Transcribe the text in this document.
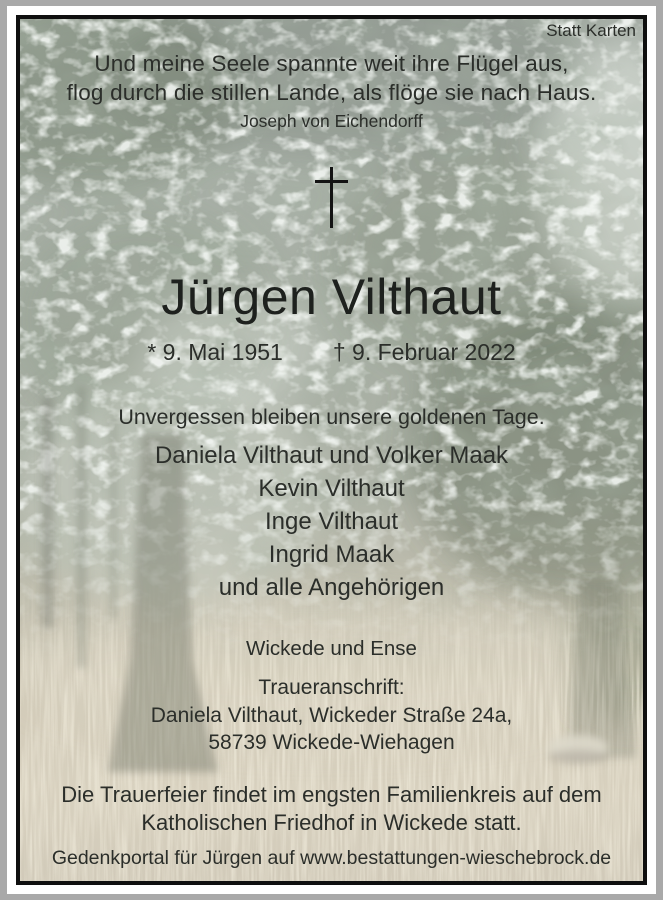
Statt Karten
Und meine Seele spannte weit ihre Flügel aus,
flog durch die stillen Lande, als flöge sie nach Haus.
Joseph von Eichendorff
Jürgen Vilthaut
* 9. Mai 1951 † 9. Februar 2022
Unvergessen bleiben unsere goldenen Tage.
Daniela Vilthaut und Volker Maak
Kevin Vilthaut
Inge Vilthaut
Ingrid Maak
und alle Angehörigen
Wickede und Ense
Traueranschrift:
Daniela Vilthaut, Wickeder Straße 24a,
58739 Wickede-Wiehagen
Die Trauerfeier findet im engsten Familienkreis auf dem
Katholischen Friedhof in Wickede statt.
Gedenkportal für Jürgen auf www.bestattungen-wieschebrock.de
